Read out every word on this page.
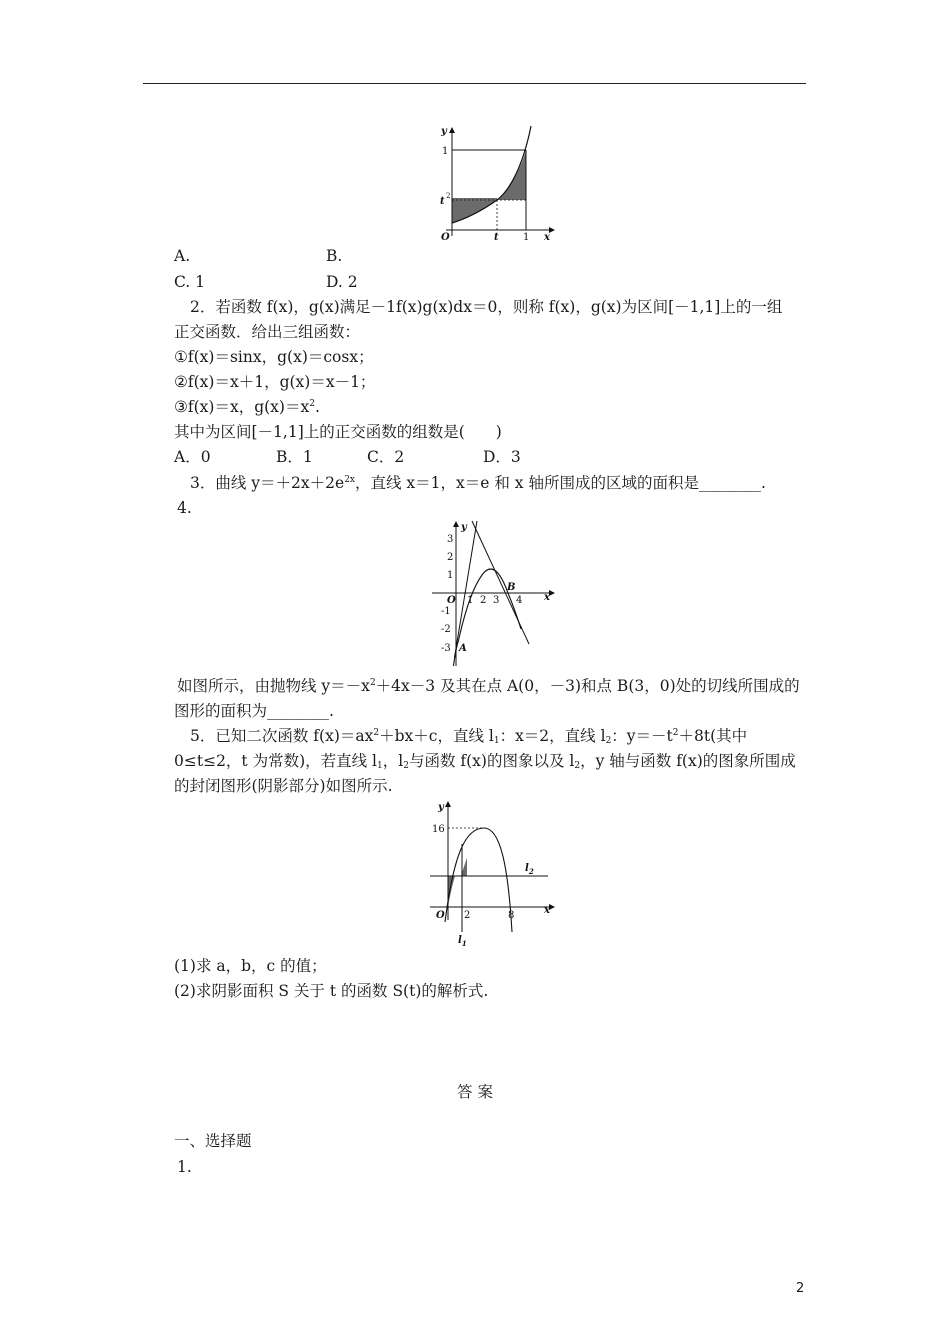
y
x
1
t 2
O	t 1
A.	B.
C. 1	D. 2
2．若函数 f(x)，g(x)满足－1f(x)g(x)dx＝0，则称 f(x)，g(x)为区间[－1,1]上的一组
正交函数．给出三组函数：
①f(x)＝sinx，g(x)＝cosx；
②f(x)＝x＋1，g(x)＝x－1；
③f(x)＝x，$g(x)=x^2$.
其中为区间[－1,1]上的正交函数的组数是(　　)
A．0	B．1	C．2	D．3
3．曲线 $y=+2x+2e^{2x}$，直线 x＝1，x＝e 和 x 轴所围成的区域的面积是________.
4.
y
x
3
2
1
-1
-2
-3
O 1 2 3 4
B
A
如图所示，由抛物线 $y=-x^2+4x-3$ 及其在点 A(0，－3)和点 B(3，0)处的切线所围成的
图形的面积为________.
5．已知二次函数 $f(x)=ax^2+bx+c$，直线 $l_1$：x＝2，直线 $l_2$：$y=-t^2+8t$(其中
0≤t≤2，t 为常数)，若直线 $l_1$，$l_2$与函数 f(x)的图象以及 $l_2$，y 轴与函数 f(x)的图象所围成
的封闭图形(阴影部分)如图所示.
y
x
16
O 2	8
$l_2$
$l_1$
(1)求 a，b，c 的值；
(2)求阴影面积 S 关于 t 的函数 S(t)的解析式.
答 案
一、选择题
1.
2
